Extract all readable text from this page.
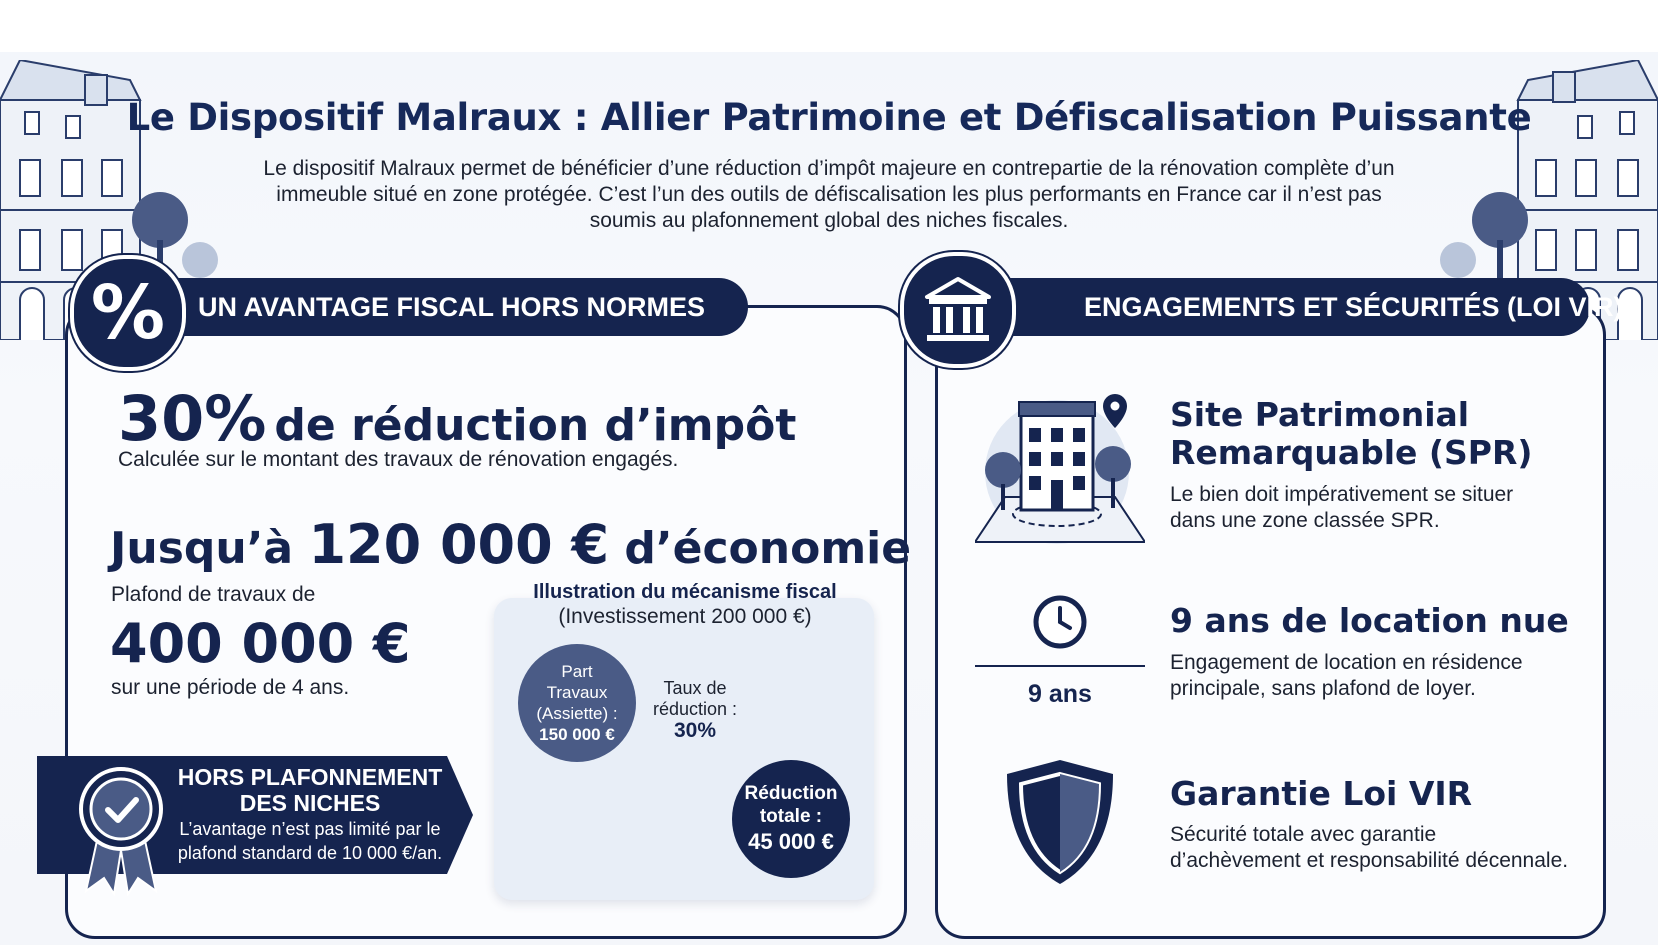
Le Dispositif Malraux : Allier Patrimoine et Défiscalisation Puissante
Le dispositif Malraux permet de bénéficier d’une réduction d’impôt majeure en contrepartie de la rénovation complète d’un
immeuble situé en zone protégée. C’est l’un des outils de défiscalisation les plus performants en France car il n’est pas
soumis au plafonnement global des niches fiscales.
UN AVANTAGE FISCAL HORS NORMES
%
30% de réduction d’impôt
Calculée sur le montant des travaux de rénovation engagés.
Jusqu’à 120 000 € d’économie
Plafond de travaux de
400 000 €
sur une période de 4 ans.
Illustration du mécanisme fiscal
(Investissement 200 000 €)
Part
Travaux
(Assiette) :
150 000 €
Taux de
réduction :
30%
Réduction
totale :
45 000 €
HORS PLAFONNEMENT
DES NICHES
L’avantage n’est pas limité par le
plafond standard de 10 000 €/an.
ENGAGEMENTS ET SÉCURITÉS (LOI VIR)
Site Patrimonial
Remarquable (SPR)
Le bien doit impérativement se situer
dans une zone classée SPR.
9 ans
9 ans de location nue
Engagement de location en résidence
principale, sans plafond de loyer.
Garantie Loi VIR
Sécurité totale avec garantie
d’achèvement et responsabilité décennale.
